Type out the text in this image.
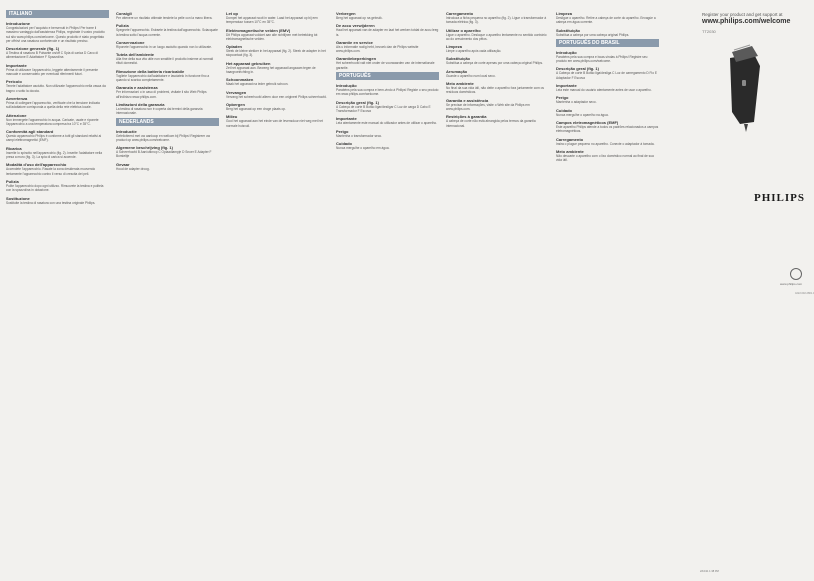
ITALIANO
Introduzione
Congratulazioni per l'acquisto e benvenuti in Philips! Per trarre il massimo vantaggio dall'assistenza Philips, registrate il vostro prodotto sul sito www.philips.com/welcome. Questo prodotto è stato progettato per offrirvi una rasatura confortevole e un risultato preciso.
Descrizione generale (fig. 1)
A Testina di rasatura B Pulsante on/off C Spia di carica D Cavo di alimentazione E Adattatore F Spazzolina
Importante
Prima di utilizzare l'apparecchio, leggete attentamente il presente manuale e conservatelo per eventuali riferimenti futuri.
Pericolo
Tenete l'adattatore asciutto. Non utilizzate l'apparecchio nella vasca da bagno o sotto la doccia.
Avvertenza
Prima di collegare l'apparecchio, verificate che la tensione indicata sull'adattatore corrisponda a quella della rete elettrica locale.
Attenzione
Non immergete l'apparecchio in acqua. Caricate, usate e riponete l'apparecchio a una temperatura compresa tra 10°C e 35°C.
Conformità agli standard
Questo apparecchio Philips è conforme a tutti gli standard relativi ai campi elettromagnetici (EMF).
Ricarica
Inserite lo spinotto nell'apparecchio (fig. 2). Inserite l'adattatore nella presa a muro (fig. 3). La spia di carica si accende.
Modalità d'uso dell'apparecchio
Accendete l'apparecchio. Rasate la zona desiderata muovendo lentamente l'apparecchio contro il verso di crescita dei peli.
Pulizia
Pulite l'apparecchio dopo ogni utilizzo. Rimuovete la testina e pulitela con la spazzolina in dotazione.
Sostituzione
Sostituite la testina di rasatura con una testina originale Philips.
Consigli
Per ottenere un risultato ottimale tendete la pelle con la mano libera.
Pulizia
Spegnete l'apparecchio. Estraete la testina dall'apparecchio. Sciacquate la testina sotto l'acqua corrente.
Conservazione
Riponete l'apparecchio in un luogo asciutto quando non lo utilizzate.
Tutela dell'ambiente
Alla fine della sua vita utile non smaltite il prodotto insieme ai normali rifiuti domestici.
Rimozione della batteria ricaricabile
Togliete l'apparecchio dall'adattatore e lasciatelo in funzione fino a quando si scarica completamente.
Garanzia e assistenza
Per informazioni o in caso di problemi, visitate il sito Web Philips all'indirizzo www.philips.com.
Limitazioni della garanzia
La testina di rasatura non è coperta dai termini della garanzia internazionale.
NEDERLANDS
Introductie
Gefeliciteerd met uw aankoop en welkom bij Philips! Registreer uw product op www.philips.com/welcome.
Algemene beschrijving (fig. 1)
A Scheerhoofd B Aan/uitknop C Oplaadlampje D Snoer E Adapter F Borsteltje
Gevaar
Houd de adapter droog.
Let op
Dompel het apparaat nooit in water. Laad het apparaat op bij een temperatuur tussen 10°C en 35°C.
Elektromagnetische velden (EMV)
Dit Philips apparaat voldoet aan alle richtlijnen met betrekking tot elektromagnetische velden.
Opladen
Steek de kleine stekker in het apparaat (fig. 2). Steek de adapter in het stopcontact (fig. 3).
Het apparaat gebruiken
Zet het apparaat aan. Beweeg het apparaat langzaam tegen de haargroeirichting in.
Schoonmaken
Maak het apparaat na ieder gebruik schoon.
Vervangen
Vervang het scheerhoofd alleen door een origineel Philips scheerhoofd.
Opbergen
Berg het apparaat op een droge plaats op.
Milieu
Gooi het apparaat aan het einde van de levensduur niet weg met het normale huisvuil.
Verbergen
Berg het apparaat op na gebruik.
De accu verwijderen
Haal het apparaat van de adapter en laat het werken totdat de accu leeg is.
Garantie en service
Als u informatie nodig hebt, bezoek dan de Philips website www.philips.com.
Garantiebeperkingen
Het scheerhoofd valt niet onder de voorwaarden van de internationale garantie.
PORTUGUÊS
Introdução
Parabéns pela sua compra e bem-vindo à Philips! Registe o seu produto em www.philips.com/welcome.
Descrição geral (fig. 1)
A Cabeça de corte B Botão ligar/desligar C Luz de carga D Cabo E Transformador F Escova
Importante
Leia atentamente este manual do utilizador antes de utilizar o aparelho.
Perigo
Mantenha o transformador seco.
Cuidado
Nunca mergulhe o aparelho em água.
Carregamento
Introduza a ficha pequena no aparelho (fig. 2). Ligue o transformador à tomada elétrica (fig. 3).
Utilizar o aparelho
Ligue o aparelho. Desloque o aparelho lentamente no sentido contrário ao do crescimento dos pêlos.
Limpeza
Limpe o aparelho após cada utilização.
Substituição
Substitua a cabeça de corte apenas por uma cabeça original Philips.
Arrumação
Guarde o aparelho num local seco.
Meio ambiente
No final da sua vida útil, não deite o aparelho fora juntamente com os resíduos domésticos.
Garantia e assistência
Se precisar de informações, visite o Web site da Philips em www.philips.com.
Restrições à garantia
A cabeça de corte não está abrangida pelos termos da garantia internacional.
Limpeza
Desligue o aparelho. Retire a cabeça de corte do aparelho. Enxagúe a cabeça em água corrente.
Substituição
Substitua a cabeça por uma cabeça original Philips.
PORTUGUÊS DO BRASIL
Introdução
Parabéns pela sua compra e boas-vindas à Philips! Registre seu produto em www.philips.com/welcome.
Descrição geral (fig. 1)
A Cabeça de corte B Botão liga/desliga C Luz de carregamento D Fio E Adaptador F Escova
Importante
Leia este manual do usuário atentamente antes de usar o aparelho.
Perigo
Mantenha o adaptador seco.
Cuidado
Nunca mergulhe o aparelho na água.
Campos eletromagnéticos (EMF)
Este aparelho Philips atende a todos os padrões relacionados a campos eletromagnéticos.
Carregamento
Insira o plugue pequeno no aparelho. Conecte o adaptador à tomada.
Meio ambiente
Não descarte o aparelho com o lixo doméstico normal ao final de sua vida útil.
Register your product and get support at
www.philips.com/welcome
TT2030
PHILIPS
www.philips.com
4222.002.2801.1
2/10/11 1:38 PM
